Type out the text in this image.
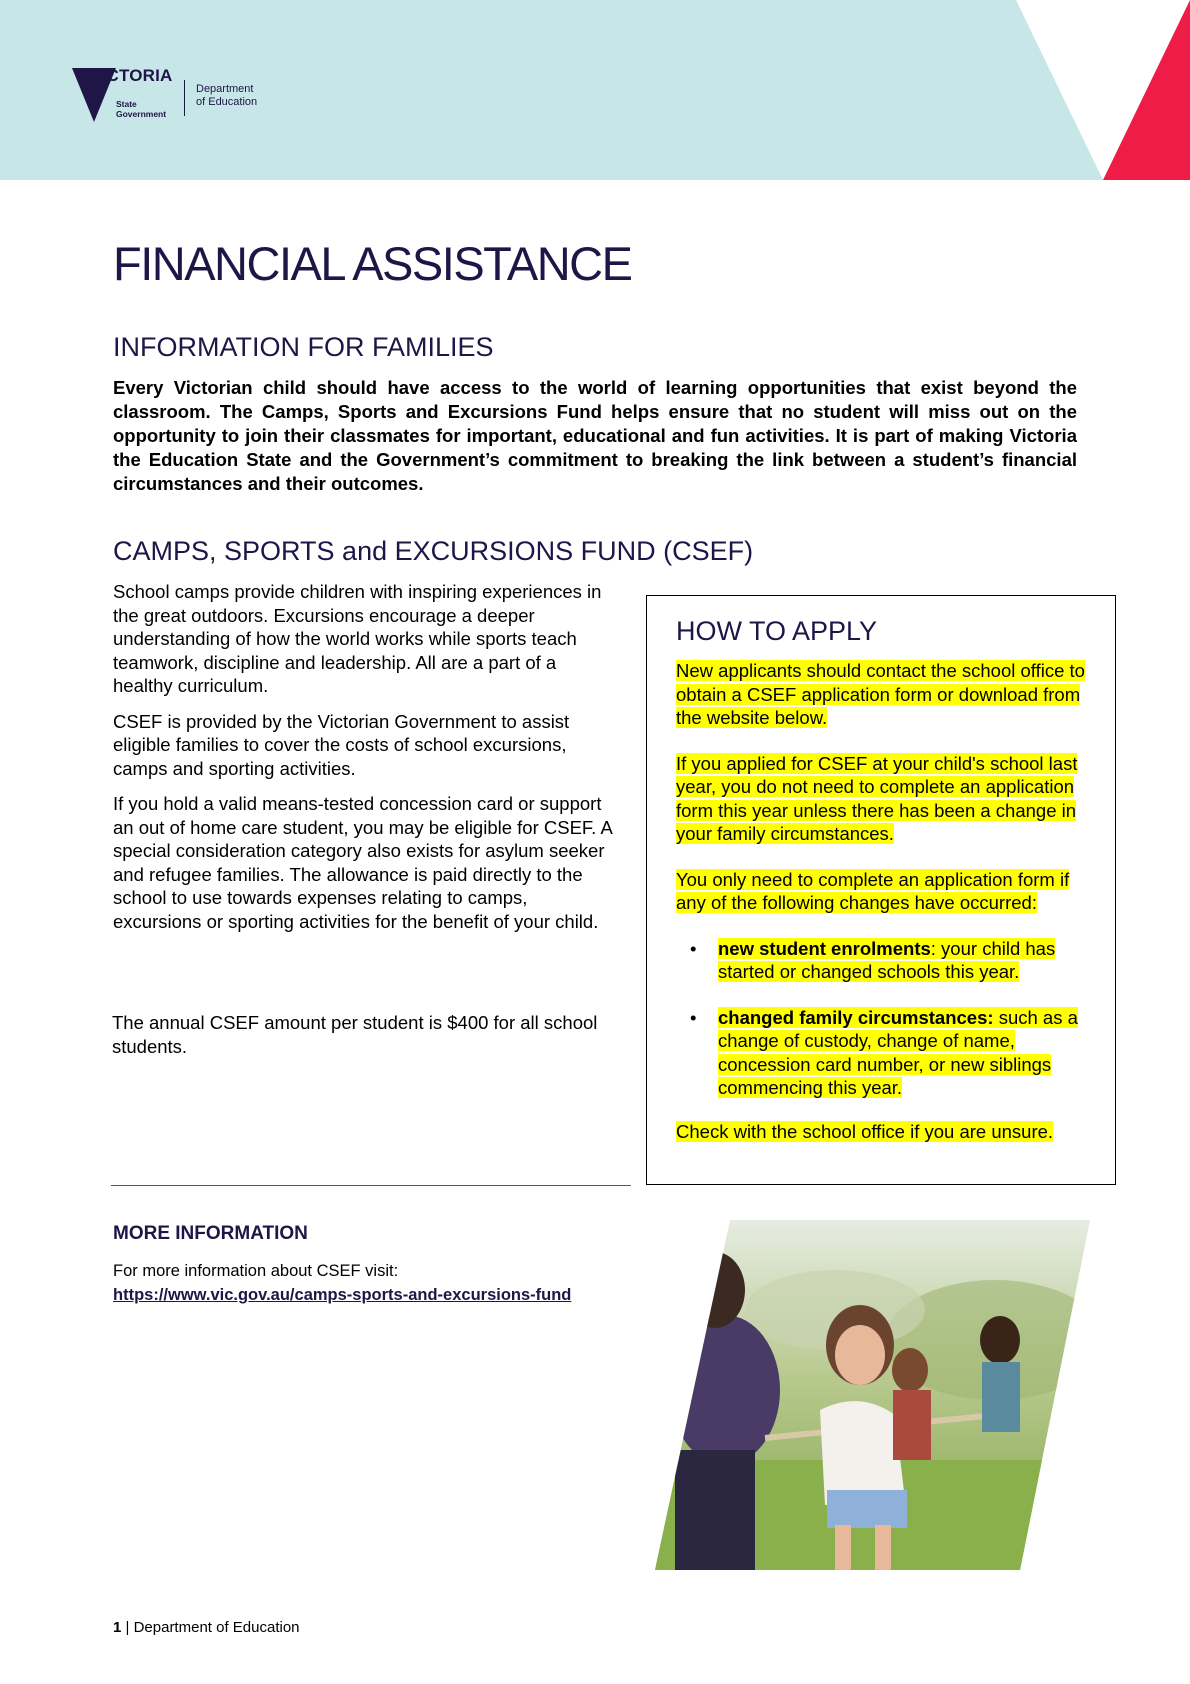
VICTORIA
State
Government
Department
of Education
FINANCIAL ASSISTANCE
INFORMATION FOR FAMILIES

Every Victorian child should have access to the world of learning opportunities that exist beyond the classroom. The Camps, Sports and Excursions Fund helps ensure that no student will miss out on the opportunity to join their classmates for important, educational and fun activities. It is part of making Victoria the Education State and the Government’s commitment to breaking the link between a student’s financial circumstances and their outcomes.

CAMPS, SPORTS and EXCURSIONS FUND (CSEF)

School camps provide children with inspiring experiences in the great outdoors. Excursions encourage a deeper understanding of how the world works while sports teach teamwork, discipline and leadership. All are a part of a healthy curriculum.

CSEF is provided by the Victorian Government to assist eligible families to cover the costs of school excursions, camps and sporting activities.

If you hold a valid means-tested concession card or support an out of home care student, you may be eligible for CSEF. A special consideration category also exists for asylum seeker and refugee families. The allowance is paid directly to the school to use towards expenses relating to camps, excursions or sporting activities for the benefit of your child.

The annual CSEF amount per student is $400 for all school students.

HOW TO APPLY

New applicants should contact the school office to obtain a CSEF application form or download from the website below.

If you applied for CSEF at your child's school last year, you do not need to complete an application form this year unless there has been a change in your family circumstances.

You only need to complete an application form if any of the following changes have occurred:

• new student enrolments: your child has started or changed schools this year.
• changed family circumstances: such as a change of custody, change of name, concession card number, or new siblings commencing this year.

Check with the school office if you are unsure.

MORE INFORMATION

For more information about CSEF visit:

https://www.vic.gov.au/camps-sports-and-excursions-fund

1 | Department of Education
